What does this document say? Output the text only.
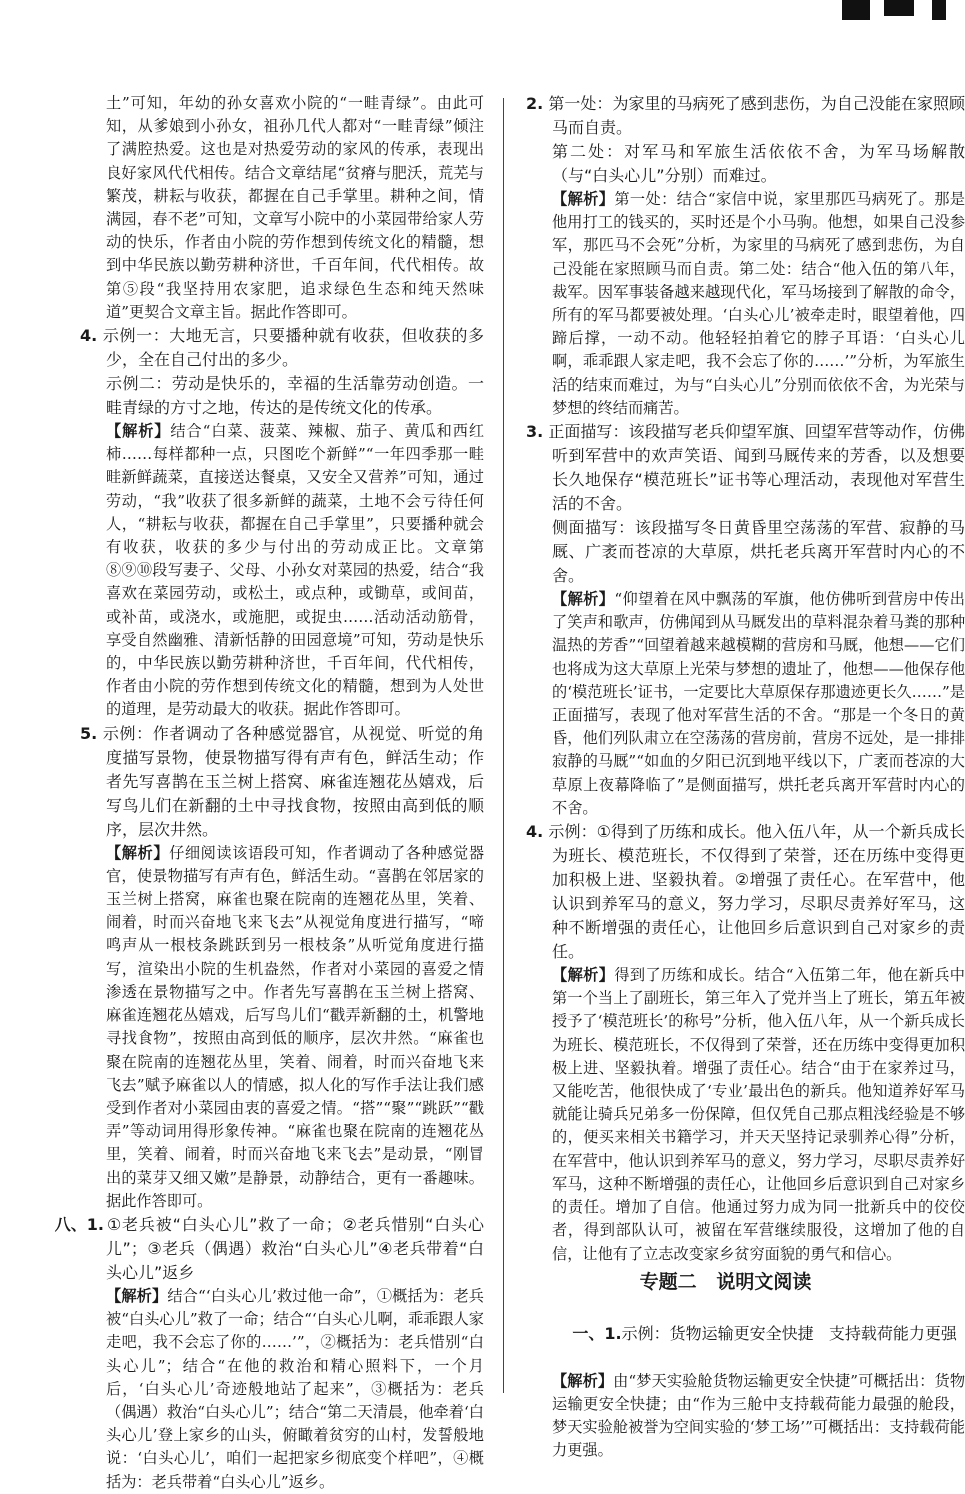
土”可知，年幼的孙女喜欢小院的“一畦青绿”。由此可知，从爹娘到小孙女，祖孙几代人都对“一畦青绿”倾注了满腔热爱。这也是对热爱劳动的家风的传承，表现出良好家风代代相传。结合文章结尾“贫瘠与肥沃，荒芜与繁茂，耕耘与收获，都握在自己手掌里。耕种之间，情满园，春不老”可知，文章写小院中的小菜园带给家人劳动的快乐，作者由小院的劳作想到传统文化的精髓，想到中华民族以勤劳耕种济世，千百年间，代代相传。故第⑤段“我坚持用农家肥，追求绿色生态和纯天然味道”更契合文章主旨。据此作答即可。

4. 示例一：大地无言，只要播种就有收获，但收获的多少，全在自己付出的多少。

示例二：劳动是快乐的，幸福的生活靠劳动创造。一畦青绿的方寸之地，传达的是传统文化的传承。

【解析】结合“白菜、菠菜、辣椒、茄子、黄瓜和西红柿……每样都种一点，只图吃个新鲜”“一年四季那一畦畦新鲜蔬菜，直接送达餐桌，又安全又营养”可知，通过劳动，“我”收获了很多新鲜的蔬菜，土地不会亏待任何人，“耕耘与收获，都握在自己手掌里”，只要播种就会有收获，收获的多少与付出的劳动成正比。文章第⑧⑨⑩段写妻子、父母、小孙女对菜园的热爱，结合“我喜欢在菜园劳动，或松土，或点种，或锄草，或间苗，或补苗，或浇水，或施肥，或捉虫……活动活动筋骨，享受自然幽雅、清新恬静的田园意境”可知，劳动是快乐的，中华民族以勤劳耕种济世，千百年间，代代相传，作者由小院的劳作想到传统文化的精髓，想到为人处世的道理，是劳动最大的收获。据此作答即可。

5. 示例：作者调动了各种感觉器官，从视觉、听觉的角度描写景物，使景物描写得有声有色，鲜活生动；作者先写喜鹊在玉兰树上搭窝、麻雀连翘花丛嬉戏，后写鸟儿们在新翻的土中寻找食物，按照由高到低的顺序，层次井然。

【解析】仔细阅读该语段可知，作者调动了各种感觉器官，使景物描写有声有色，鲜活生动。“喜鹊在邻居家的玉兰树上搭窝，麻雀也聚在院南的连翘花丛里，笑着、闹着，时而兴奋地飞来飞去”从视觉角度进行描写，“啼鸣声从一根枝条跳跃到另一根枝条”从听觉角度进行描写，渲染出小院的生机盎然，作者对小菜园的喜爱之情渗透在景物描写之中。作者先写喜鹊在玉兰树上搭窝、麻雀连翘花丛嬉戏，后写鸟儿们“戳弄新翻的土，机警地寻找食物”，按照由高到低的顺序，层次井然。“麻雀也聚在院南的连翘花丛里，笑着、闹着，时而兴奋地飞来飞去”赋予麻雀以人的情感，拟人化的写作手法让我们感受到作者对小菜园由衷的喜爱之情。“搭”“聚”“跳跃”“戳弄”等动词用得形象传神。“麻雀也聚在院南的连翘花丛里，笑着、闹着，时而兴奋地飞来飞去”是动景，“刚冒出的菜芽又细又嫩”是静景，动静结合，更有一番趣味。据此作答即可。

八、1. ①老兵被“白头心儿”救了一命；②老兵惜别“白头心儿”；③老兵（偶遇）救治“白头心儿”④老兵带着“白头心儿”返乡

【解析】结合“‘白头心儿’救过他一命”，①概括为：老兵被“白头心儿”救了一命；结合“‘白头心儿啊，乖乖跟人家走吧，我不会忘了你的……’”，②概括为：老兵惜别“白头心儿”；结合“在他的救治和精心照料下，一个月后，‘白头心儿’奇迹般地站了起来”，③概括为：老兵（偶遇）救治“白头心儿”；结合“第二天清晨，他牵着‘白头心儿’登上家乡的山头，俯瞰着贫穷的山村，发誓般地说：‘白头心儿’，咱们一起把家乡彻底变个样吧”，④概括为：老兵带着“白头心儿”返乡。

2. 第一处：为家里的马病死了感到悲伤，为自己没能在家照顾马而自责。

第二处：对军马和军旅生活依依不舍，为军马场解散（与“白头心儿”分别）而难过。

【解析】第一处：结合“家信中说，家里那匹马病死了。那是他用打工的钱买的，买时还是个小马驹。他想，如果自己没参军，那匹马不会死”分析，为家里的马病死了感到悲伤，为自己没能在家照顾马而自责。第二处：结合“他入伍的第八年，裁军。因军事装备越来越现代化，军马场接到了解散的命令，所有的军马都要被处理。‘白头心儿’被牵走时，眼望着他，四蹄后撑，一动不动。他轻轻拍着它的脖子耳语：‘白头心儿啊，乖乖跟人家走吧，我不会忘了你的……’”分析，为军旅生活的结束而难过，为与“白头心儿”分别而依依不舍，为光荣与梦想的终结而痛苦。

3. 正面描写：该段描写老兵仰望军旗、回望军营等动作，仿佛听到军营中的欢声笑语、闻到马厩传来的芳香，以及想要长久地保存“模范班长”证书等心理活动，表现他对军营生活的不舍。

侧面描写：该段描写冬日黄昏里空荡荡的军营、寂静的马厩、广袤而苍凉的大草原，烘托老兵离开军营时内心的不舍。

【解析】“仰望着在风中飘荡的军旗，他仿佛听到营房中传出了笑声和歌声，仿佛闻到从马厩发出的草料混杂着马粪的那种温热的芳香”“回望着越来越模糊的营房和马厩，他想——它们也将成为这大草原上光荣与梦想的遗址了，他想——他保存他的‘模范班长’证书，一定要比大草原保存那遗迹更长久……”是正面描写，表现了他对军营生活的不舍。“那是一个冬日的黄昏，他们列队肃立在空荡荡的营房前，营房不远处，是一排排寂静的马厩”“如血的夕阳已沉到地平线以下，广袤而苍凉的大草原上夜幕降临了”是侧面描写，烘托老兵离开军营时内心的不舍。

4. 示例：①得到了历练和成长。他入伍八年，从一个新兵成长为班长、模范班长，不仅得到了荣誉，还在历练中变得更加积极上进、坚毅执着。②增强了责任心。在军营中，他认识到养军马的意义，努力学习，尽职尽责养好军马，这种不断增强的责任心，让他回乡后意识到自己对家乡的责任。

【解析】得到了历练和成长。结合“入伍第二年，他在新兵中第一个当上了副班长，第三年入了党并当上了班长，第五年被授予了‘模范班长’的称号”分析，他入伍八年，从一个新兵成长为班长、模范班长，不仅得到了荣誉，还在历练中变得更加积极上进、坚毅执着。增强了责任心。结合“由于在家养过马，又能吃苦，他很快成了‘专业’最出色的新兵。他知道养好军马就能让骑兵兄弟多一份保障，但仅凭自己那点粗浅经验是不够的，便买来相关书籍学习，并天天坚持记录驯养心得”分析，在军营中，他认识到养军马的意义，努力学习，尽职尽责养好军马，这种不断增强的责任心，让他回乡后意识到自己对家乡的责任。增加了自信。他通过努力成为同一批新兵中的佼佼者，得到部队认可，被留在军营继续服役，这增加了他的自信，让他有了立志改变家乡贫穷面貌的勇气和信心。

专题二   说明文阅读

一、1.示例：货物运输更安全快捷   支持载荷能力更强

【解析】由“梦天实验舱货物运输更安全快捷”可概括出：货物运输更安全快捷；由“作为三舱中支持载荷能力最强的舱段，梦天实验舱被誉为空间实验的‘梦工场’”可概括出：支持载荷能力更强。
